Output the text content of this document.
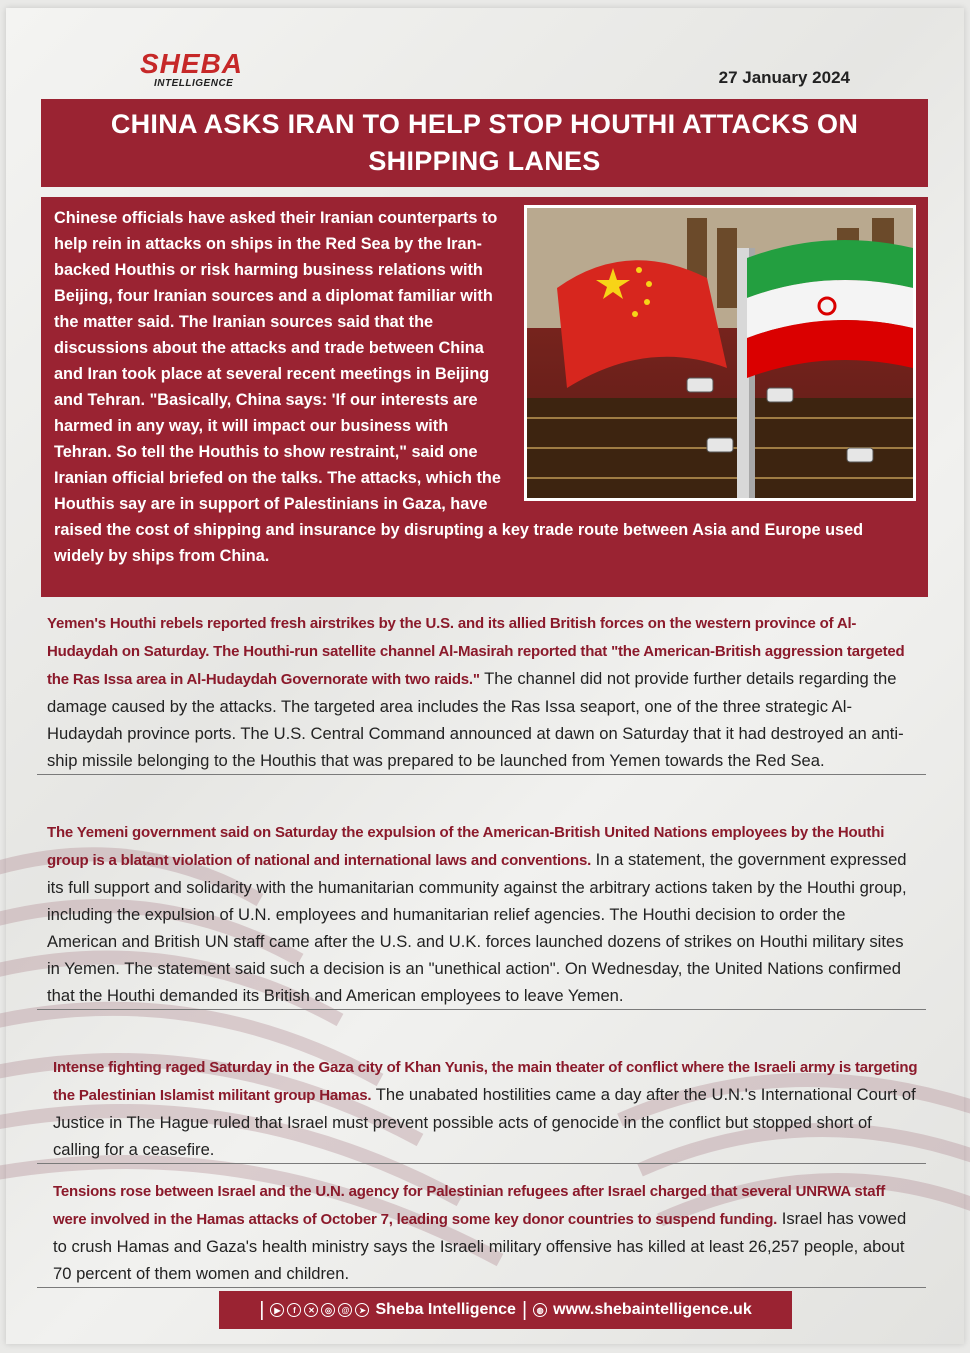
SHEBA
INTELLIGENCE	27 January 2024
CHINA ASKS IRAN TO HELP STOP HOUTHI ATTACKS ON SHIPPING LANES
Chinese officials have asked their Iranian counterparts to help rein in attacks on ships in the Red Sea by the Iran-backed Houthis or risk harming business relations with Beijing, four Iranian sources and a diplomat familiar with the matter said. The Iranian sources said that the discussions about the attacks and trade between China and Iran took place at several recent meetings in Beijing and Tehran. "Basically, China says: 'If our interests are harmed in any way, it will impact our business with Tehran. So tell the Houthis to show restraint," said one Iranian official briefed on the talks. The attacks, which the Houthis say are in support of Palestinians in Gaza, have raised the cost of shipping and insurance by disrupting a key trade route between Asia and Europe used widely by ships from China.
Yemen's Houthi rebels reported fresh airstrikes by the U.S. and its allied British forces on the western province of Al-Hudaydah on Saturday. The Houthi-run satellite channel Al-Masirah reported that "the American-British aggression targeted the Ras Issa area in Al-Hudaydah Governorate with two raids." The channel did not provide further details regarding the damage caused by the attacks. The targeted area includes the Ras Issa seaport, one of the three strategic Al-Hudaydah province ports. The U.S. Central Command announced at dawn on Saturday that it had destroyed an anti-ship missile belonging to the Houthis that was prepared to be launched from Yemen towards the Red Sea.
The Yemeni government said on Saturday the expulsion of the American-British United Nations employees by the Houthi group is a blatant violation of national and international laws and conventions. In a statement, the government expressed its full support and solidarity with the humanitarian community against the arbitrary actions taken by the Houthi group, including the expulsion of U.N. employees and humanitarian relief agencies. The Houthi decision to order the American and British UN staff came after the U.S. and U.K. forces launched dozens of strikes on Houthi military sites in Yemen. The statement said such a decision is an "unethical action". On Wednesday, the United Nations confirmed that the Houthi demanded its British and American employees to leave Yemen.
Intense fighting raged Saturday in the Gaza city of Khan Yunis, the main theater of conflict where the Israeli army is targeting the Palestinian Islamist militant group Hamas. The unabated hostilities came a day after the U.N.'s International Court of Justice in The Hague ruled that Israel must prevent possible acts of genocide in the conflict but stopped short of calling for a ceasefire.
Tensions rose between Israel and the U.N. agency for Palestinian refugees after Israel charged that several UNRWA staff were involved in the Hamas attacks of October 7, leading some key donor countries to suspend funding. Israel has vowed to crush Hamas and Gaza's health ministry says the Israeli military offensive has killed at least 26,257 people, about 70 percent of them women and children.
|	▶	f	✕	◎	@	➤ Sheba Intelligence |	◍ www.shebaintelligence.uk
